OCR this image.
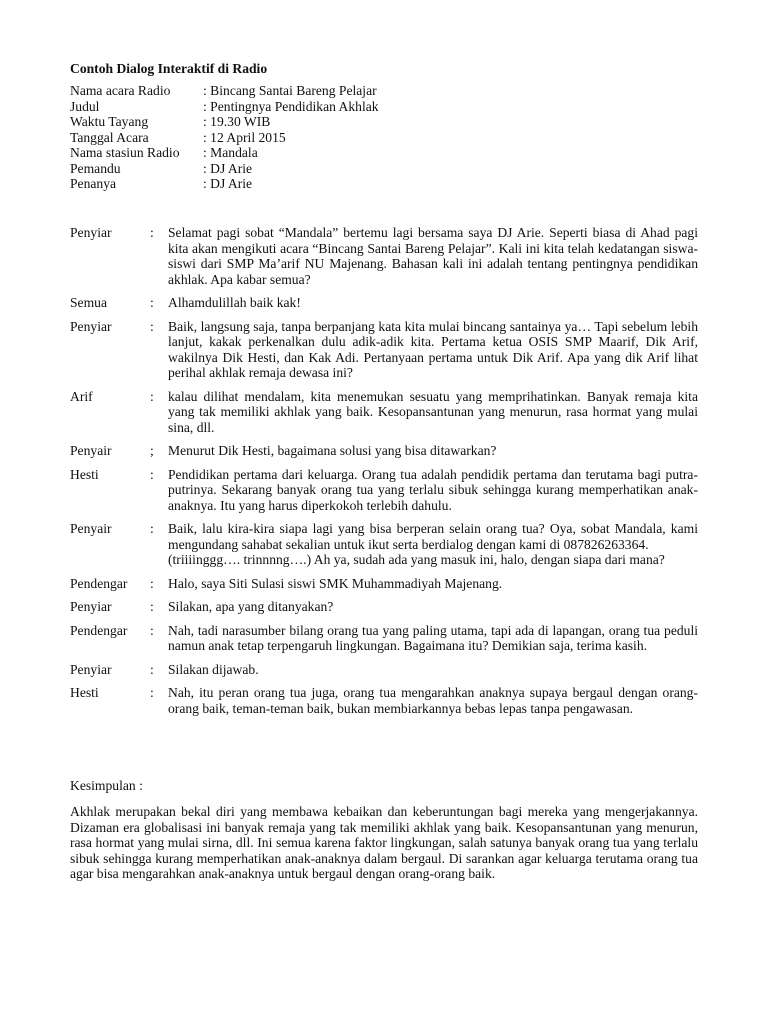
Contoh Dialog Interaktif di Radio
Nama acara Radio	: Bincang Santai Bareng Pelajar
Judul	: Pentingnya Pendidikan Akhlak
Waktu Tayang	: 19.30 WIB
Tanggal Acara	: 12 April 2015
Nama stasiun Radio	: Mandala
Pemandu	: DJ Arie
Penanya	: DJ Arie
Penyiar	:	Selamat pagi sobat “Mandala” bertemu lagi bersama saya DJ Arie. Seperti biasa di Ahad pagi kita akan mengikuti acara “Bincang Santai Bareng Pelajar”. Kali ini kita telah kedatangan siswa-siswi dari SMP Ma’arif NU Majenang. Bahasan kali ini adalah tentang pentingnya pendidikan akhlak. Apa kabar semua?
Semua	:	Alhamdulillah baik kak!
Penyiar	:	Baik, langsung saja, tanpa berpanjang kata kita mulai bincang santainya ya… Tapi sebelum lebih lanjut, kakak perkenalkan dulu adik-adik kita. Pertama ketua OSIS SMP Maarif, Dik Arif, wakilnya Dik Hesti, dan Kak Adi. Pertanyaan pertama untuk Dik Arif. Apa yang dik Arif lihat perihal akhlak remaja dewasa ini?
Arif	:	kalau dilihat mendalam, kita menemukan sesuatu yang memprihatinkan. Banyak remaja kita yang tak memiliki akhlak yang baik. Kesopansantunan yang menurun, rasa hormat yang mulai sina, dll.
Penyair	;	Menurut Dik Hesti, bagaimana solusi yang bisa ditawarkan?
Hesti	:	Pendidikan pertama dari keluarga. Orang tua adalah pendidik pertama dan terutama bagi putra-putrinya. Sekarang banyak orang tua yang terlalu sibuk sehingga kurang memperhatikan anak-anaknya. Itu yang harus diperkokoh terlebih dahulu.
Penyair	:	Baik, lalu kira-kira siapa lagi yang bisa berperan selain orang tua? Oya, sobat Mandala, kami mengundang sahabat sekalian untuk ikut serta berdialog dengan kami di 087826263364.
(triiiinggg…. trinnnng….) Ah ya, sudah ada yang masuk ini, halo, dengan siapa dari mana?
Pendengar	:	Halo, saya Siti Sulasi siswi SMK Muhammadiyah Majenang.
Penyiar	:	Silakan, apa yang ditanyakan?
Pendengar	:	Nah, tadi narasumber bilang orang tua yang paling utama, tapi ada di lapangan, orang tua peduli namun anak tetap terpengaruh lingkungan. Bagaimana itu? Demikian saja, terima kasih.
Penyiar	:	Silakan dijawab.
Hesti	:	Nah, itu peran orang tua juga, orang tua mengarahkan anaknya supaya bergaul dengan orang-orang baik, teman-teman baik, bukan membiarkannya bebas lepas tanpa pengawasan.
Kesimpulan :
Akhlak merupakan bekal diri yang membawa kebaikan dan keberuntungan bagi mereka yang mengerjakannya. Dizaman era globalisasi ini banyak remaja yang tak memiliki akhlak yang baik. Kesopansantunan yang menurun, rasa hormat yang mulai sirna, dll. Ini semua karena faktor lingkungan, salah satunya banyak orang tua yang terlalu sibuk sehingga kurang memperhatikan anak-anaknya dalam bergaul. Di sarankan agar keluarga terutama orang tua agar bisa mengarahkan anak-anaknya untuk bergaul dengan orang-orang baik.
